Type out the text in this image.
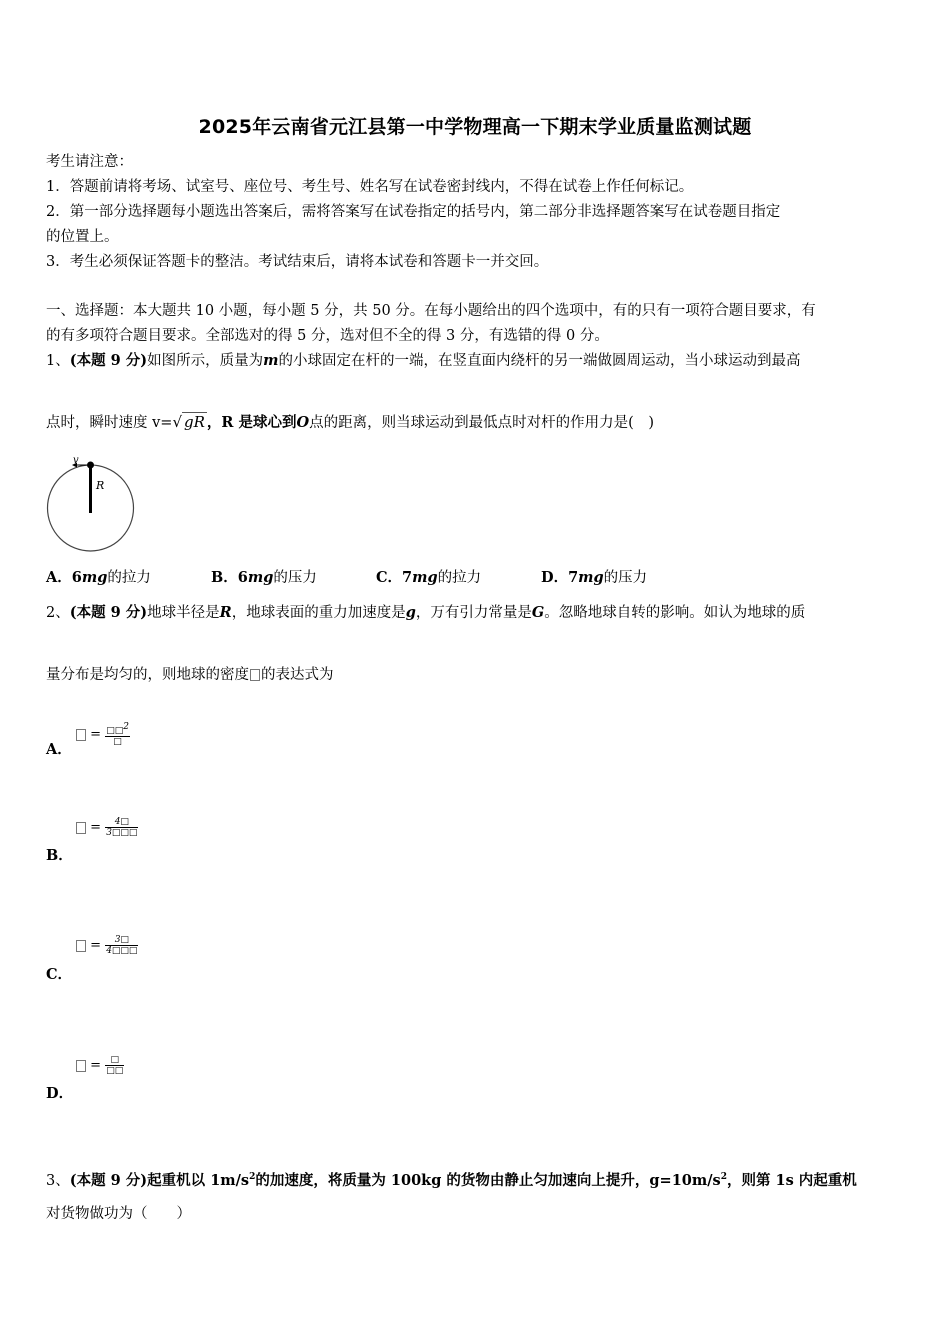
2025年云南省元江县第一中学物理高一下期末学业质量监测试题
考生请注意：
1．答题前请将考场、试室号、座位号、考生号、姓名写在试卷密封线内，不得在试卷上作任何标记。
2．第一部分选择题每小题选出答案后，需将答案写在试卷指定的括号内，第二部分非选择题答案写在试卷题目指定
的位置上。
3．考生必须保证答题卡的整洁。考试结束后，请将本试卷和答题卡一并交回。
一、选择题：本大题共 10 小题，每小题 5 分，共 50 分。在每小题给出的四个选项中，有的只有一项符合题目要求，有
的有多项符合题目要求。全部选对的得 5 分，选对但不全的得 3 分，有选错的得 0 分。
1、(本题 9 分)如图所示，质量为m的小球固定在杆的一端，在竖直面内绕杆的另一端做圆周运动，当小球运动到最高
点时，瞬时速度 v=√ gR ，R 是球心到O点的距离，则当球运动到最低点时对杆的作用力是(　)
v
R
A．6mg的拉力	B．6mg的压力	C．7mg的拉力	D．7mg的压力
2、(本题 9 分)地球半径是R，地球表面的重力加速度是g，万有引力常量是G。忽略地球自转的影响。如认为地球的质
量分布是均匀的，则地球的密度 的表达式为
= $\frac{□□^2}{□}$
A．
= $\frac{4□}{3□□□}$
B．
= $\frac{3□}{4□□□}$
C．
= $\frac{□}{□□}$
D．
3、(本题 9 分)起重机以 $1m/s^2$的加速度，将质量为 100kg 的货物由静止匀加速向上提升，$g=10m/s^2$，则第 1s 内起重机
对货物做功为（　　）
